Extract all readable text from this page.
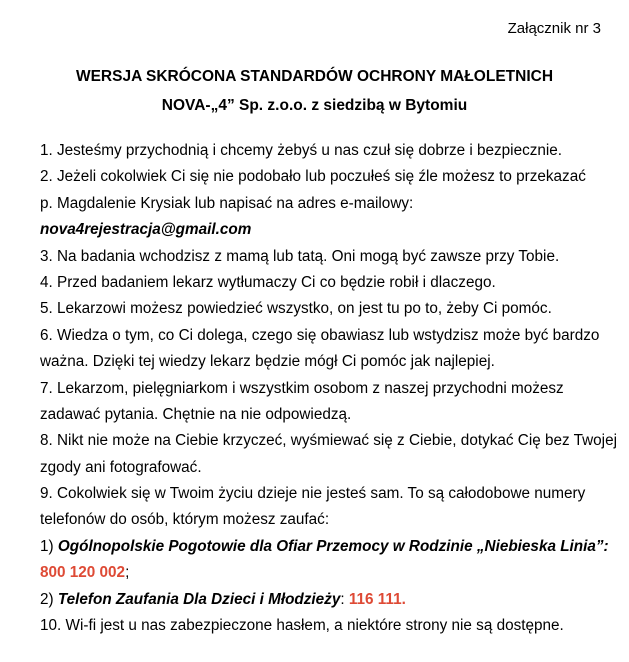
Załącznik nr 3
WERSJA SKRÓCONA STANDARDÓW OCHRONY MAŁOLETNICH
NOVA-„4” Sp. z.o.o. z siedzibą w Bytomiu
1. Jesteśmy przychodnią i chcemy żebyś u nas czuł się dobrze i bezpiecznie.
2. Jeżeli cokolwiek Ci się nie podobało lub poczułeś się źle możesz to przekazać
p. Magdalenie Krysiak lub napisać na adres e-mailowy:
nova4rejestracja@gmail.com
3. Na badania wchodzisz z mamą lub tatą. Oni mogą być zawsze przy Tobie.
4. Przed badaniem lekarz wytłumaczy Ci co będzie robił i dlaczego.
5. Lekarzowi możesz powiedzieć wszystko, on jest tu po to, żeby Ci pomóc.
6. Wiedza o tym, co Ci dolega, czego się obawiasz lub wstydzisz może być bardzo
ważna. Dzięki tej wiedzy lekarz będzie mógł Ci pomóc jak najlepiej.
7. Lekarzom, pielęgniarkom i wszystkim osobom z naszej przychodni możesz
zadawać pytania. Chętnie na nie odpowiedzą.
8. Nikt nie może na Ciebie krzyczeć, wyśmiewać się z Ciebie, dotykać Cię bez Twojej
zgody ani fotografować.
9. Cokolwiek się w Twoim życiu dzieje nie jesteś sam. To są całodobowe numery
telefonów do osób, którym możesz zaufać:
1) Ogólnopolskie Pogotowie dla Ofiar Przemocy w Rodzinie „Niebieska Linia”:
800 120 002;
2) Telefon Zaufania Dla Dzieci i Młodzieży: 116 111.
10. Wi-fi jest u nas zabezpieczone hasłem, a niektóre strony nie są dostępne.
